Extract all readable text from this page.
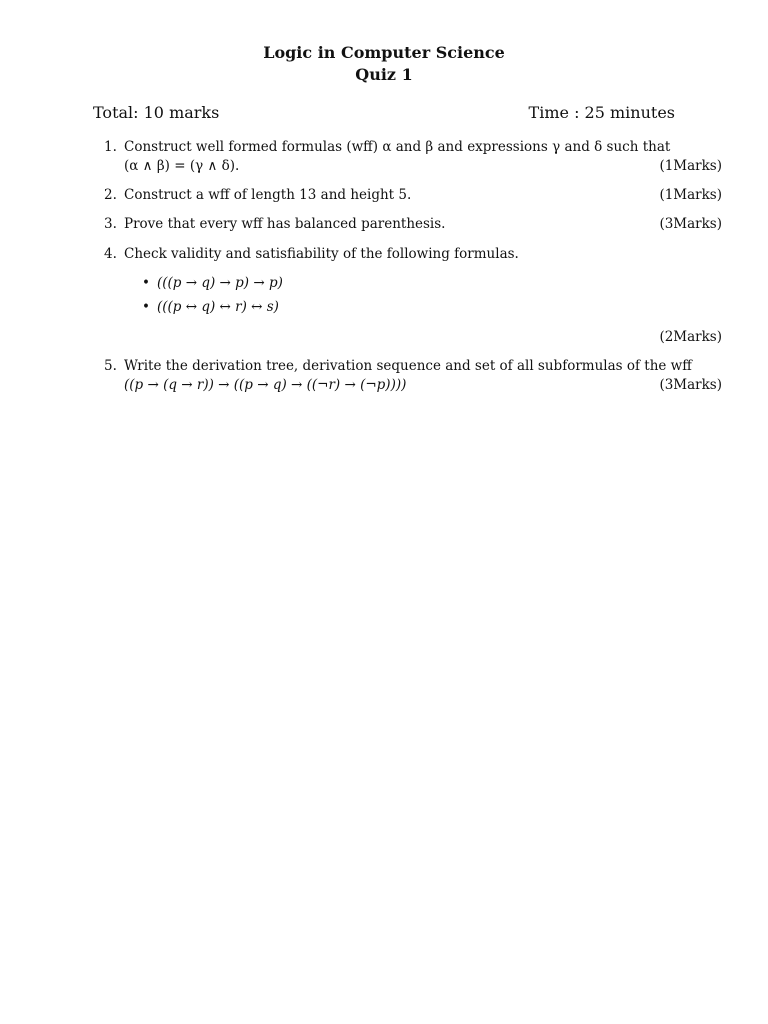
Logic in Computer Science
Quiz 1
Total: 10 marks	Time : 25 minutes
1. Construct well formed formulas (wff) α and β and expressions γ and δ such that
(α ∧ β) = (γ ∧ δ).	(1Marks)
2. Construct a wff of length 13 and height 5.	(1Marks)
3. Prove that every wff has balanced parenthesis.	(3Marks)
4. Check validity and satisfiability of the following formulas.
• (((p → q) → p) → p)
• (((p ↔ q) ↔ r) ↔ s)
(2Marks)
5. Write the derivation tree, derivation sequence and set of all subformulas of the wff
((p → (q → r)) → ((p → q) → ((¬r) → (¬p))))	(3Marks)
